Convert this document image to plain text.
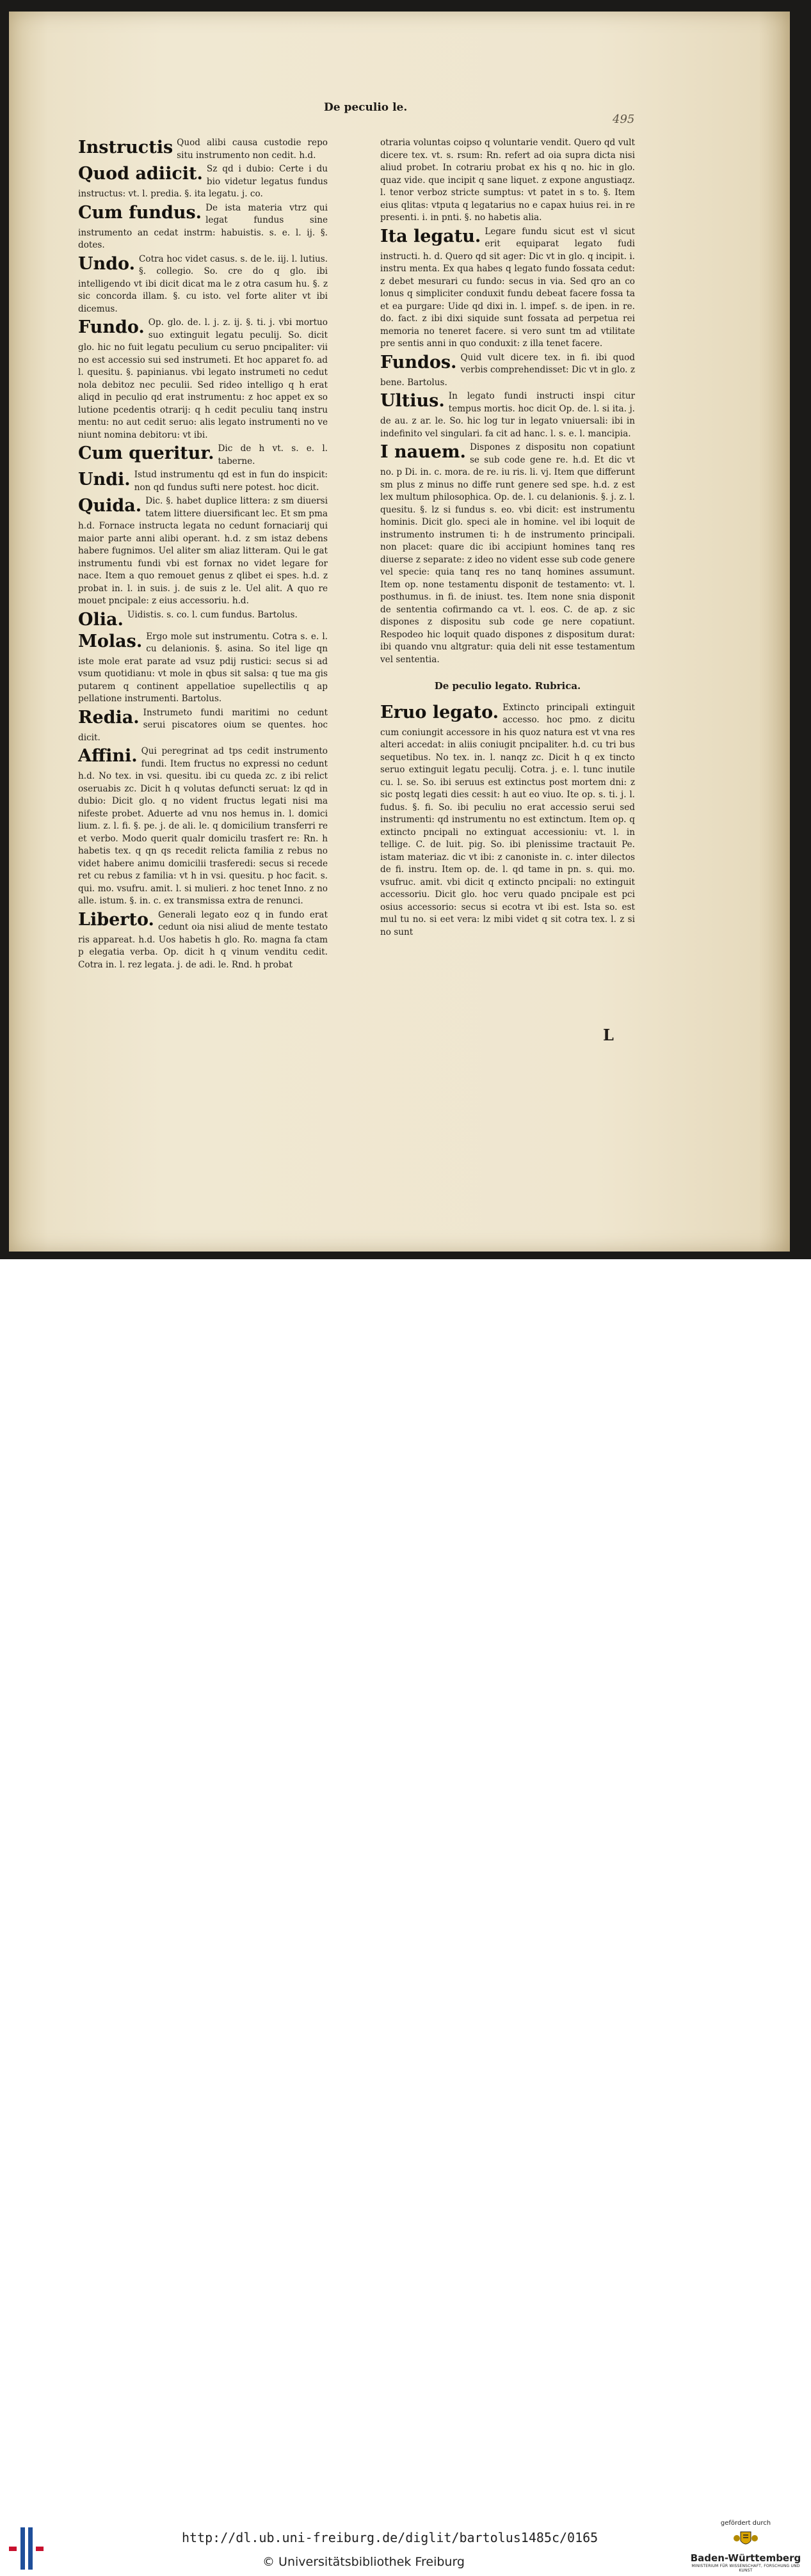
De peculio le.
495
Instructis Quod alibi causa custodie repo situ instrumento non cedit. h.d.
Quod adiicit. Sz qd i dubio: Certe i du bio videtur legatus fundus instructus: vt. l. predia. §. ita legatu. j. co.
Cum fundus. De ista materia vtrz qui legat fundus sine instrumento an cedat instrm: habuistis. s. e. l. ij. §. dotes.
Undo. Cotra hoc videt casus. s. de le. iij. l. lutius. §. collegio. So. cre do q glo. ibi intelligendo vt ibi dicit dicat ma le z otra casum hu. §. z sic concorda illam. §. cu isto. vel forte aliter vt ibi dicemus.
Fundo. Op. glo. de. l. j. z. ij. §. ti. j. vbi mortuo suo extinguit legatu peculij. So. dicit glo. hic no fuit legatu peculium cu seruo pncipaliter: vii no est accessio sui sed instrumeti. Et hoc apparet fo. ad l. quesitu. §. papinianus. vbi legato instrumeti no cedut nola debitoz nec peculii. Sed rideo intelligo q h erat aliqd in peculio qd erat instrumentu: z hoc appet ex so lutione pcedentis otrarij: q h cedit peculiu tanq instru mentu: no aut cedit seruo: alis legato instrumenti no ve niunt nomina debitoru: vt ibi.
Cum queritur. Dic de h vt. s. e. l. taberne.
Undi. Istud instrumentu qd est in fun do inspicit: non qd fundus sufti nere potest. hoc dicit.
Quida. Dic. §. habet duplice littera: z sm diuersi tatem littere diuersificant lec. Et sm pma h.d. Fornace instructa legata no cedunt fornaciarij qui maior parte anni alibi operant. h.d. z sm istaz debens habere fugnimos. Uel aliter sm aliaz litteram. Qui le gat instrumentu fundi vbi est fornax no videt legare for nace. Item a quo remouet genus z qlibet ei spes. h.d. z probat in. l. in suis. j. de suis z le. Uel alit. A quo re mouet pncipale: z eius accessoriu. h.d.
Olia. Uidistis. s. co. l. cum fundus. Bartolus.
Molas. Ergo mole sut instrumentu. Cotra s. e. l. cu delanionis. §. asina. So itel lige qn iste mole erat parate ad vsuz pdij rustici: secus si ad vsum quotidianu: vt mole in qbus sit salsa: q tue ma gis putarem q continent appellatioe supellectilis q ap pellatione instrumenti. Bartolus.
Redia. Instrumeto fundi maritimi no cedunt serui piscatores oium se quentes. hoc dicit.
Affini. Qui peregrinat ad tps cedit instrumento fundi. Item fructus no expressi no cedunt h.d. No tex. in vsi. quesitu. ibi cu queda zc. z ibi relict oseruabis zc. Dicit h q volutas defuncti seruat: lz qd in dubio: Dicit glo. q no vident fructus legati nisi ma nifeste probet. Aduerte ad vnu nos hemus in. l. domici lium. z. l. fi. §. pe. j. de ali. le. q domicilium transferri re et verbo. Modo querit qualr domicilu trasfert re: Rn. h habetis tex. q qn qs recedit relicta familia z rebus no videt habere animu domicilii trasferedi: secus si recede ret cu rebus z familia: vt h in vsi. quesitu. p hoc facit. s. qui. mo. vsufru. amit. l. si mulieri. z hoc tenet Inno. z no alle. istum. §. in. c. ex transmissa extra de renunci.
Liberto. Generali legato eoz q in fundo erat cedunt oia nisi aliud de mente testato ris appareat. h.d. Uos habetis h glo. Ro. magna fa ctam p elegatia verba. Op. dicit h q vinum venditu cedit. Cotra in. l. rez legata. j. de adi. le. Rnd. h probat
otraria voluntas coipso q voluntarie vendit. Quero qd vult dicere tex. vt. s. rsum: Rn. refert ad oia supra dicta nisi aliud probet. In cotrariu probat ex his q no. hic in glo. quaz vide. que incipit q sane liquet. z expone angustiaqz. l. tenor verboz stricte sumptus: vt patet in s to. §. Item eius qlitas: vtputa q legatarius no e capax huius rei. in re presenti. i. in pnti. §. no habetis alia.
Ita legatu. Legare fundu sicut est vl sicut erit equiparat legato fudi instructi. h. d. Quero qd sit ager: Dic vt in glo. q incipit. i. instru menta. Ex qua habes q legato fundo fossata cedut: z debet mesurari cu fundo: secus in via. Sed qro an co lonus q simpliciter conduxit fundu debeat facere fossa ta et ea purgare: Uide qd dixi in. l. impef. s. de ipen. in re. do. fact. z ibi dixi siquide sunt fossata ad perpetua rei memoria no teneret facere. si vero sunt tm ad vtilitate pre sentis anni in quo conduxit: z illa tenet facere.
Fundos. Quid vult dicere tex. in fi. ibi quod verbis comprehendisset: Dic vt in glo. z bene. Bartolus.
Ultius. In legato fundi instructi inspi citur tempus mortis. hoc dicit Op. de. l. si ita. j. de au. z ar. le. So. hic log tur in legato vniuersali: ibi in indefinito vel singulari. fa cit ad hanc. l. s. e. l. mancipia.
I nauem. Dispones z dispositu non copatiunt se sub code gene re. h.d. Et dic vt no. p Di. in. c. mora. de re. iu ris. li. vj. Item que differunt sm plus z minus no diffe runt genere sed spe. h.d. z est lex multum philosophica. Op. de. l. cu delanionis. §. j. z. l. quesitu. §. lz si fundus s. eo. vbi dicit: est instrumentu hominis. Dicit glo. speci ale in homine. vel ibi loquit de instrumento instrumen ti: h de instrumento principali. non placet: quare dic ibi accipiunt homines tanq res diuerse z separate: z ideo no vident esse sub code genere vel specie: quia tanq res no tanq homines assumunt. Item op. none testamentu disponit de testamento: vt. l. posthumus. in fi. de iniust. tes. Item none snia disponit de sententia cofirmando ca vt. l. eos. C. de ap. z sic dispones z dispositu sub code ge nere copatiunt. Respodeo hic loquit quado dispones z dispositum durat: ibi quando vnu altgratur: quia deli nit esse testamentum vel sententia.
De peculio legato. Rubrica.
Eruo legato. Extincto principali extinguit accesso. hoc pmo. z dicitu cum coniungit accessore in his quoz natura est vt vna res alteri accedat: in aliis coniugit pncipaliter. h.d. cu tri bus sequetibus. No tex. in. l. nanqz zc. Dicit h q ex tincto seruo extinguit legatu peculij. Cotra. j. e. l. tunc inutile cu. l. se. So. ibi seruus est extinctus post mortem dni: z sic postq legati dies cessit: h aut eo viuo. Ite op. s. ti. j. l. fudus. §. fi. So. ibi peculiu no erat accessio serui sed instrumenti: qd instrumentu no est extinctum. Item op. q extincto pncipali no extinguat accessioniu: vt. l. in tellige. C. de luit. pig. So. ibi plenissime tractauit Pe. istam materiaz. dic vt ibi: z canoniste in. c. inter dilectos de fi. instru. Item op. de. l. qd tame in pn. s. qui. mo. vsufruc. amit. vbi dicit q extincto pncipali: no extinguit accessoriu. Dicit glo. hoc veru quado pncipale est pci osius accessorio: secus si ecotra vt ibi est. Ista so. est mul tu no. si eet vera: lz mibi videt q sit cotra tex. l. z si no sunt
L
http://dl.ub.uni-freiburg.de/diglit/bartolus1485c/0165
© Universitätsbibliothek Freiburg
gefördert durch
Baden-Württemberg
MINISTERIUM FÜR WISSENSCHAFT, FORSCHUNG UND KUNST
